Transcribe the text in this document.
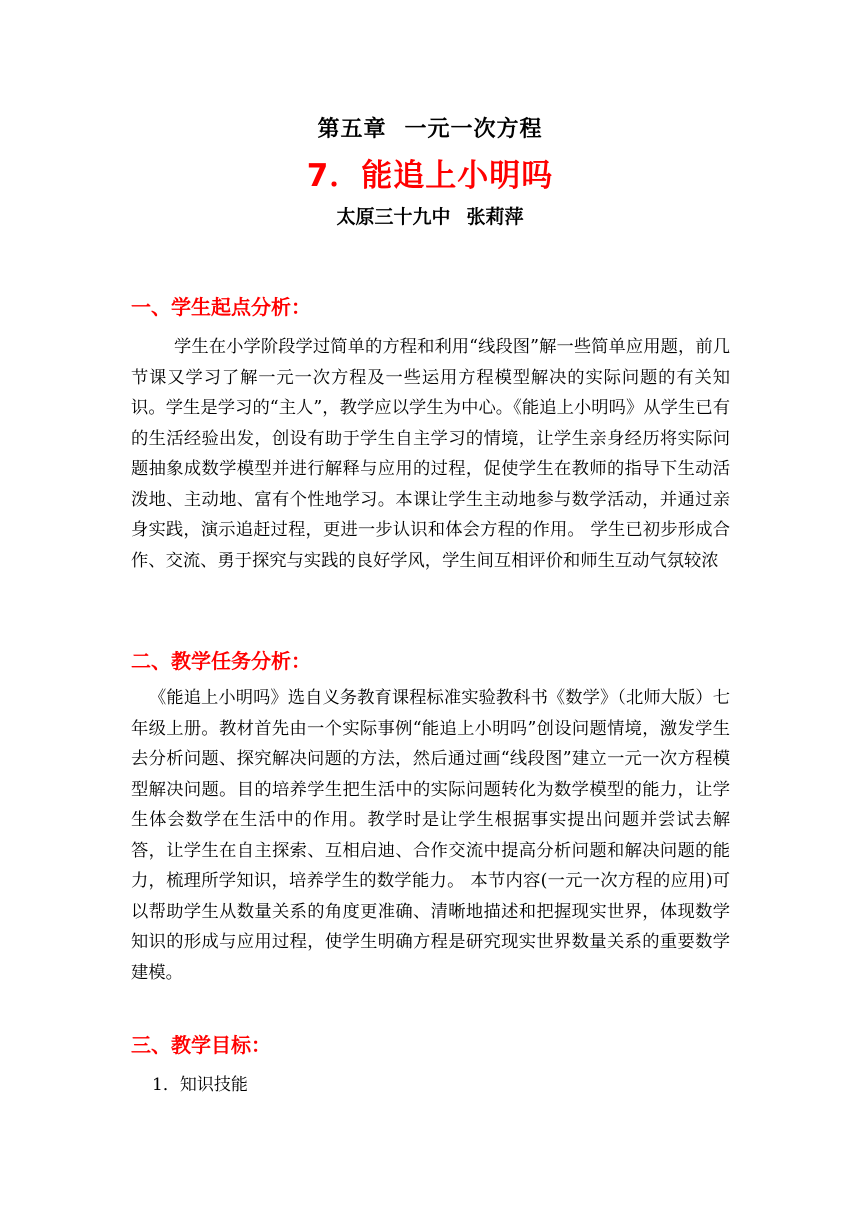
第五章 一元一次方程
7．能追上小明吗
太原三十九中 张莉萍
一、学生起点分析：
学生在小学阶段学过简单的方程和利用“线段图”解一些简单应用题，前几节课又学习了解一元一次方程及一些运用方程模型解决的实际问题的有关知识。学生是学习的“主人”，教学应以学生为中心。《能追上小明吗》从学生已有的生活经验出发，创设有助于学生自主学习的情境，让学生亲身经历将实际问题抽象成数学模型并进行解释与应用的过程，促使学生在教师的指导下生动活泼地、主动地、富有个性地学习。本课让学生主动地参与数学活动，并通过亲身实践，演示追赶过程，更进一步认识和体会方程的作用。 学生已初步形成合作、交流、勇于探究与实践的良好学风，学生间互相评价和师生互动气氛较浓
二、教学任务分析：
《能追上小明吗》选自义务教育课程标准实验教科书《数学》（北师大版）七年级上册。教材首先由一个实际事例“能追上小明吗”创设问题情境，激发学生去分析问题、探究解决问题的方法，然后通过画“线段图”建立一元一次方程模型解决问题。目的培养学生把生活中的实际问题转化为数学模型的能力，让学生体会数学在生活中的作用。教学时是让学生根据事实提出问题并尝试去解答，让学生在自主探索、互相启迪、合作交流中提高分析问题和解决问题的能力，梳理所学知识，培养学生的数学能力。 本节内容(一元一次方程的应用)可以帮助学生从数量关系的角度更准确、清晰地描述和把握现实世界，体现数学知识的形成与应用过程，使学生明确方程是研究现实世界数量关系的重要数学建模。
三、教学目标：
1．知识技能
